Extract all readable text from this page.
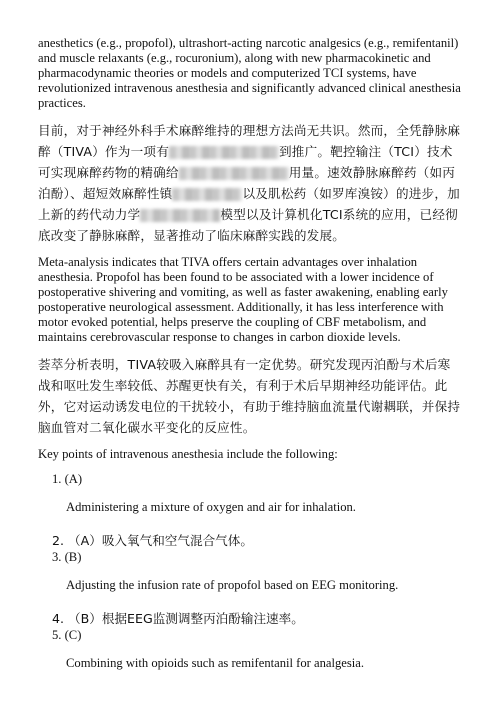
anesthetics (e.g., propofol), ultrashort-acting narcotic analgesics (e.g., remifentanil) and muscle relaxants (e.g., rocuronium), along with new pharmacokinetic and pharmacodynamic theories or models and computerized TCI systems, have revolutionized intravenous anesthesia and significantly advanced clinical anesthesia practices.

目前，对于神经外科手术麻醉维持的理想方法尚无共识。然而，全凭静脉麻醉（TIVA）作为一项有	到推广。靶控输注（TCI）技术可实现麻醉药物的精确给	用量。速效静脉麻醉药（如丙泊酚）、超短效麻醉性镇	以及肌松药（如罗库溴铵）的进步，加上新的药代动力学	模型以及计算机化TCI系统的应用，已经彻底改变了静脉麻醉，显著推动了临床麻醉实践的发展。

Meta-analysis indicates that TIVA offers certain advantages over inhalation anesthesia. Propofol has been found to be associated with a lower incidence of postoperative shivering and vomiting, as well as faster awakening, enabling early postoperative neurological assessment. Additionally, it has less interference with motor evoked potential, helps preserve the coupling of CBF metabolism, and maintains cerebrovascular response to changes in carbon dioxide levels.

荟萃分析表明，TIVA较吸入麻醉具有一定优势。研究发现丙泊酚与术后寒战和呕吐发生率较低、苏醒更快有关，有利于术后早期神经功能评估。此外，它对运动诱发电位的干扰较小，有助于维持脑血流量代谢耦联，并保持脑血管对二氧化碳水平变化的反应性。

Key points of intravenous anesthesia include the following:

1. (A)
Administering a mixture of oxygen and air for inhalation.
2. （A）吸入氧气和空气混合气体。
3. (B)
Adjusting the infusion rate of propofol based on EEG monitoring.
4. （B）根据EEG监测调整丙泊酚输注速率。
5. (C)
Combining with opioids such as remifentanil for analgesia.
